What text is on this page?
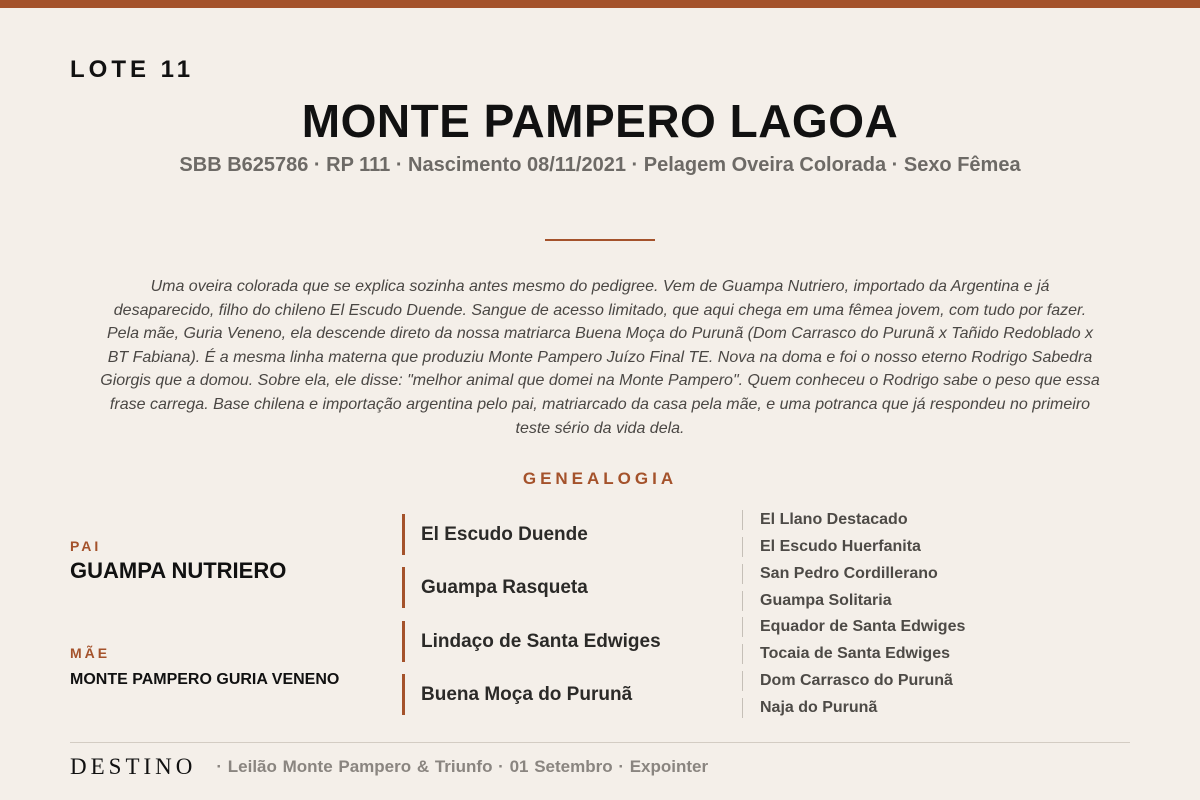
LOTE 11
MONTE PAMPERO LAGOA
SBB B625786 · RP 111 · Nascimento 08/11/2021 · Pelagem Oveira Colorada · Sexo Fêmea

Uma oveira colorada que se explica sozinha antes mesmo do pedigree. Vem de Guampa Nutriero, importado da Argentina e já desaparecido, filho do chileno El Escudo Duende. Sangue de acesso limitado, que aqui chega em uma fêmea jovem, com tudo por fazer. Pela mãe, Guria Veneno, ela descende direto da nossa matriarca Buena Moça do Purunã (Dom Carrasco do Purunã x Tañido Redoblado x BT Fabiana). É a mesma linha materna que produziu Monte Pampero Juízo Final TE. Nova na doma e foi o nosso eterno Rodrigo Sabedra Giorgis que a domou. Sobre ela, ele disse: "melhor animal que domei na Monte Pampero". Quem conheceu o Rodrigo sabe o peso que essa frase carrega. Base chilena e importação argentina pelo pai, matriarcado da casa pela mãe, e uma potranca que já respondeu no primeiro teste sério da vida dela.

GENEALOGIA
PAI
GUAMPA NUTRIERO
MÃE
MONTE PAMPERO GURIA VENENO
El Escudo Duende
Guampa Rasqueta
Lindaço de Santa Edwiges
Buena Moça do Purunã
El Llano Destacado
El Escudo Huerfanita
San Pedro Cordillerano
Guampa Solitaria
Equador de Santa Edwiges
Tocaia de Santa Edwiges
Dom Carrasco do Purunã
Naja do Purunã
DESTINO · Leilão Monte Pampero & Triunfo · 01 Setembro · Expointer
